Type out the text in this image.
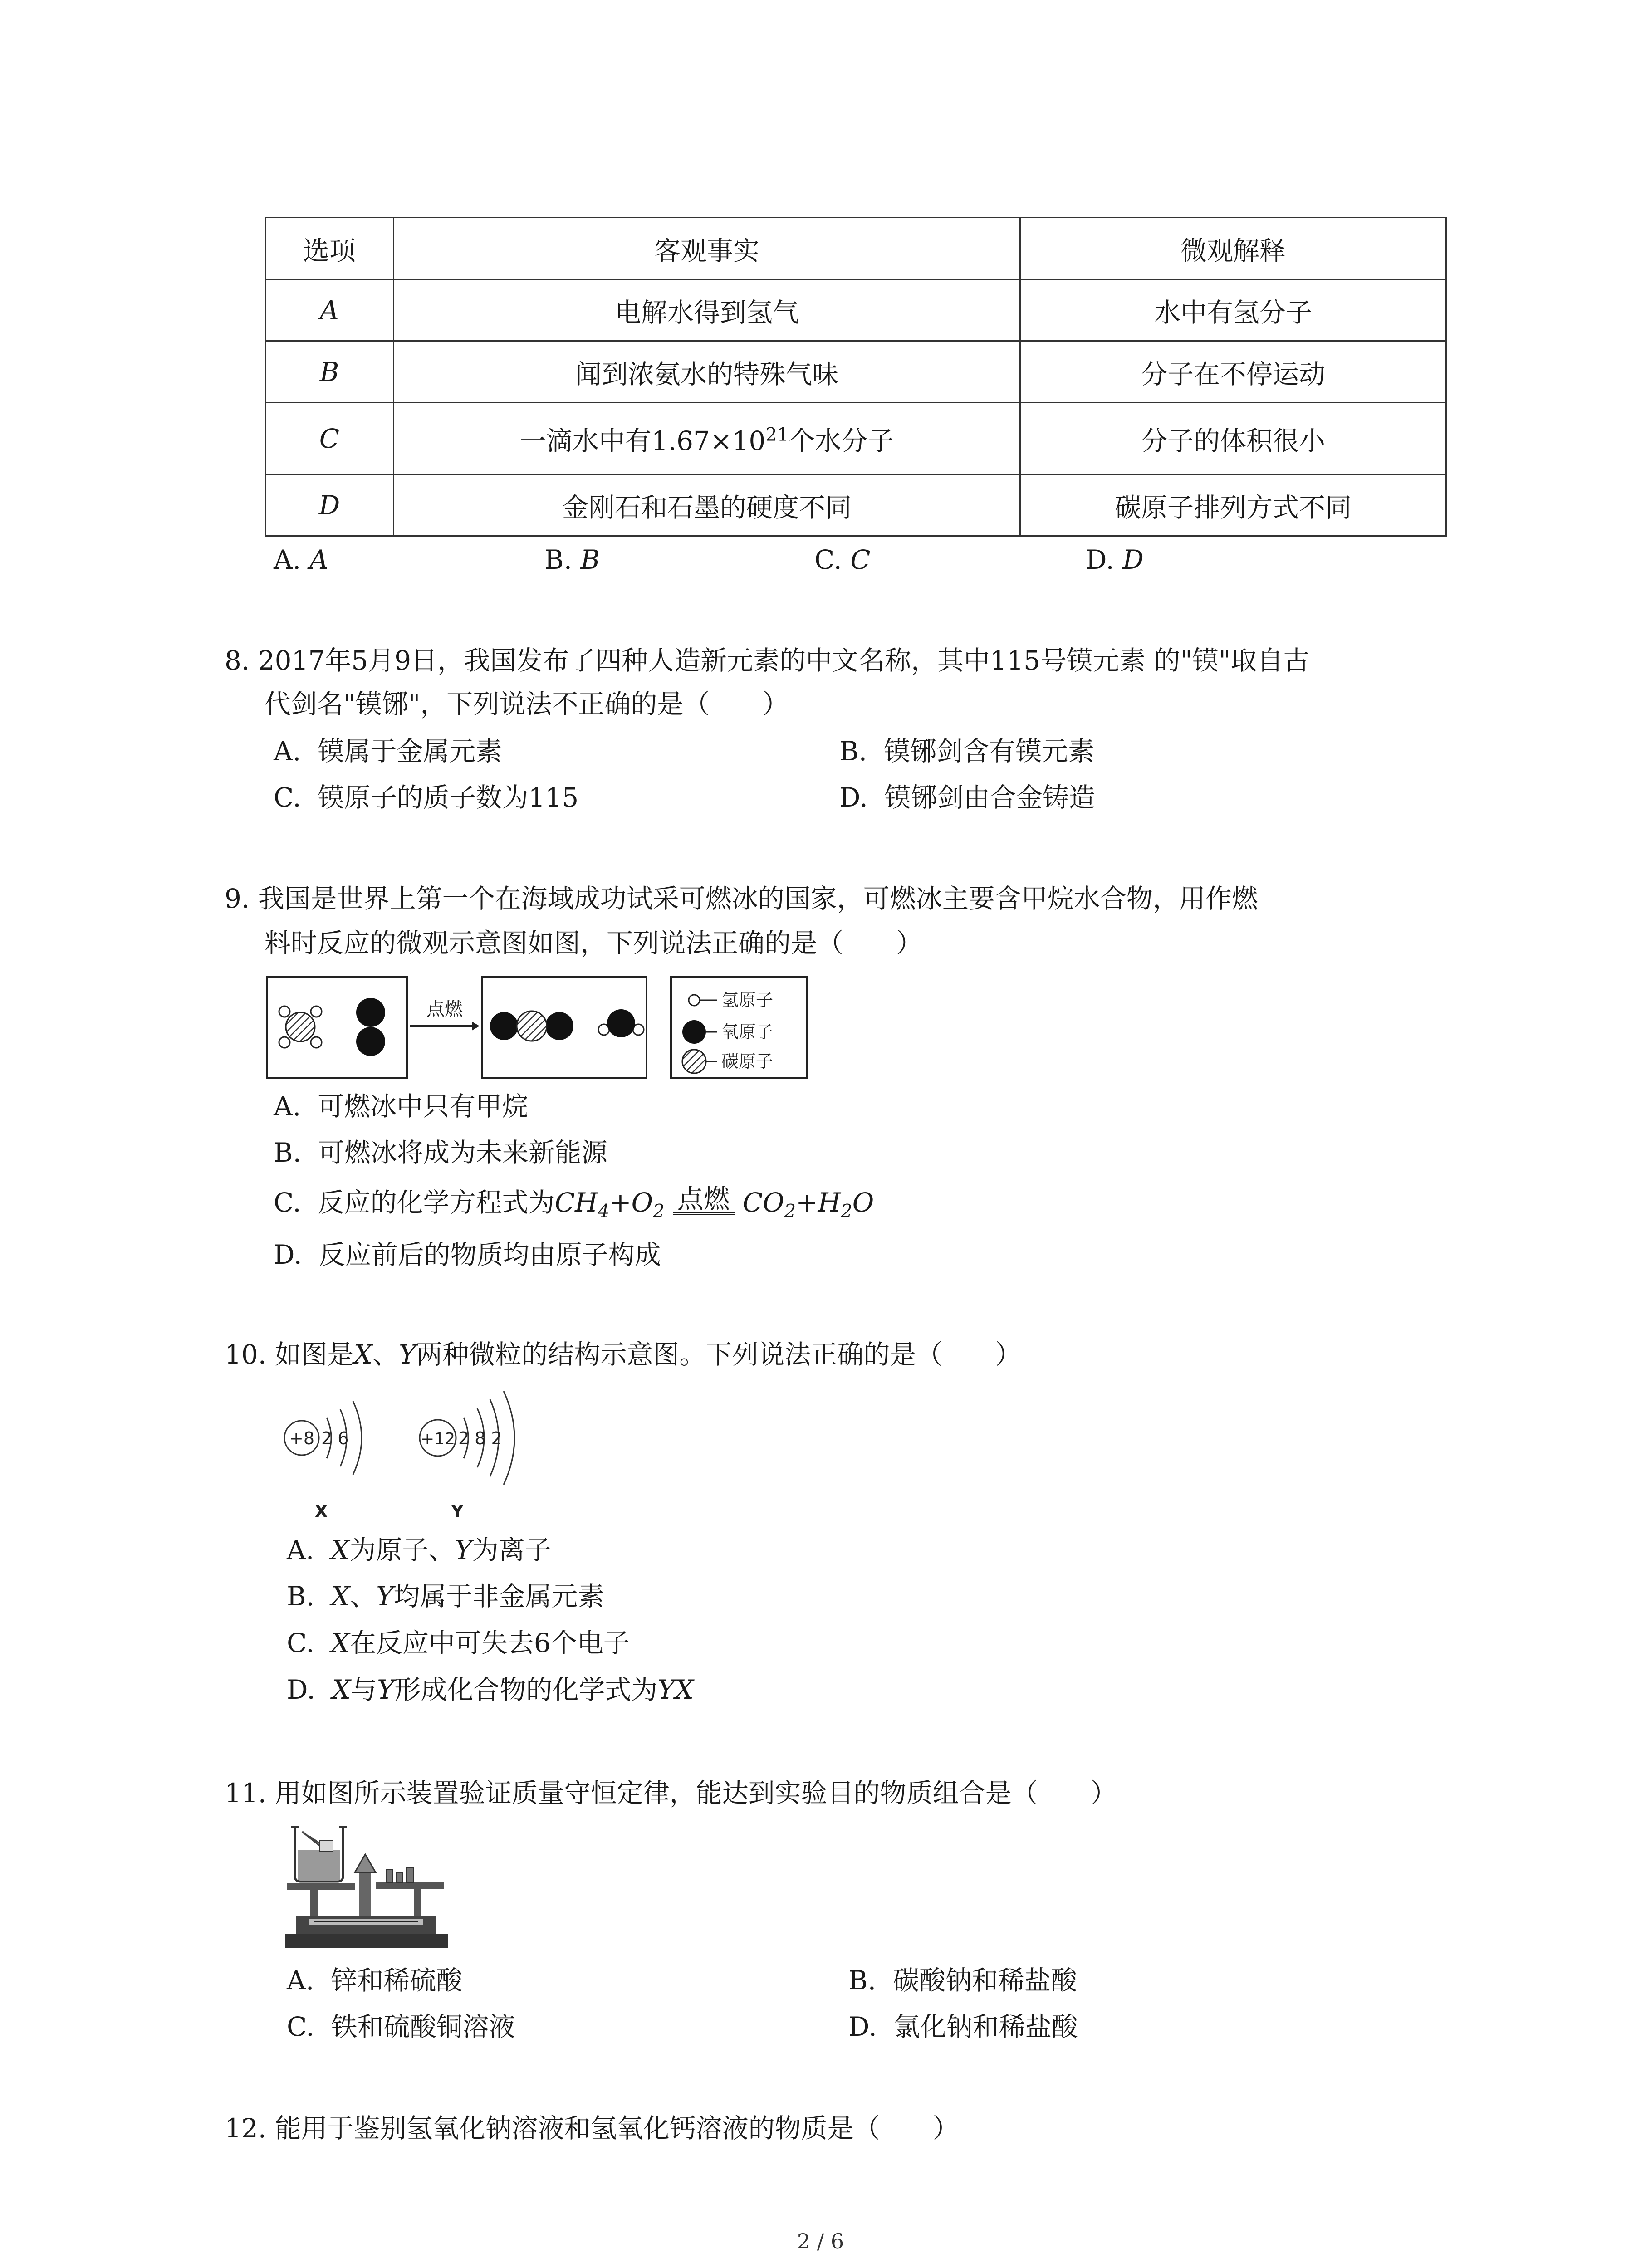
选项	客观事实	微观解释
A	电解水得到氢气	水中有氢分子
B	闻到浓氨水的特殊气味	分子在不停运动
C	一滴水中有$1.67\times 10^{21}$个水分子	分子的体积很小
D	金刚石和石墨的硬度不同	碳原子排列方式不同
A. A	B. B	C. C	D. D
8. 2017年5月9日，我国发布了四种人造新元素的中文名称，其中115号镆元素 的"镆"取自古
代剑名"镆铘"，下列说法不正确的是（　　）
A. 镆属于金属元素	B. 镆铘剑含有镆元素
C. 镆原子的质子数为115	D. 镆铘剑由合金铸造
9. 我国是世界上第一个在海域成功试采可燃冰的国家，可燃冰主要含甲烷水合物，用作燃
料时反应的微观示意图如图，下列说法正确的是（　　）
点燃	氢原子
氧原子
碳原子
A. 可燃冰中只有甲烷
B. 可燃冰将成为未来新能源
C. 反应的化学方程式为$CH_4+O_2$ 点燃 $CO_2+H_2O$
D. 反应前后的物质均由原子构成
10. 如图是X、Y两种微粒的结构示意图。下列说法正确的是（　　）
+8 2 6
X
+12 2 8 2
Y
A. X为原子、Y为离子
B. X、Y均属于非金属元素
C. X在反应中可失去6个电子
D. X与Y形成化合物的化学式为YX
11. 用如图所示装置验证质量守恒定律，能达到实验目的物质组合是（　　）
A. 锌和稀硫酸	B. 碳酸钠和稀盐酸
C. 铁和硫酸铜溶液	D. 氯化钠和稀盐酸
12. 能用于鉴别氢氧化钠溶液和氢氧化钙溶液的物质是（　　）
2 / 6
